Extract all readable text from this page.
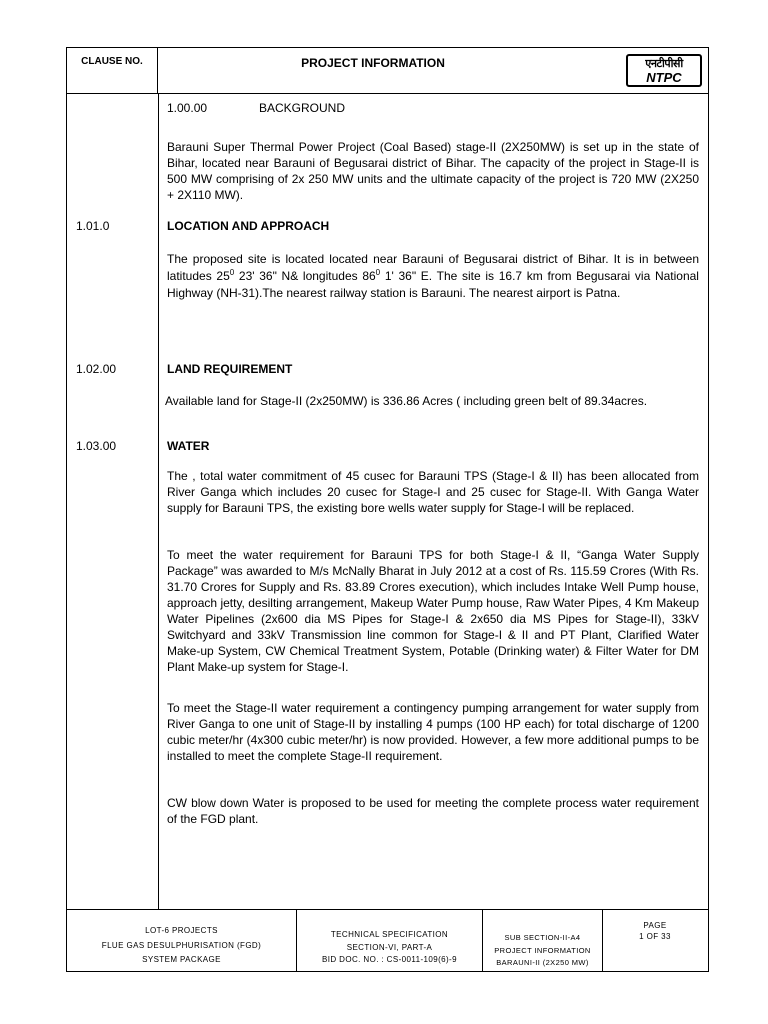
CLAUSE NO.	PROJECT INFORMATION	एनटीपीसी
NTPC
1.00.00	BACKGROUND
Barauni Super Thermal Power Project (Coal Based) stage-II (2X250MW) is set up in the state of Bihar, located near Barauni of Begusarai district of Bihar. The capacity of the project in Stage-II is 500 MW comprising of 2x 250 MW units and the ultimate capacity of the project is 720 MW (2X250 + 2X110 MW).
1.01.0	LOCATION AND APPROACH
The proposed site is located located near Barauni of Begusarai district of Bihar. It is in between latitudes $25^0$ 23' 36" N& longitudes $86^0$ 1' 36" E. The site is 16.7 km from Begusarai via National Highway (NH-31).The nearest railway station is Barauni. The nearest airport is Patna.
1.02.00	LAND REQUIREMENT
Available land for Stage-II (2x250MW) is 336.86 Acres ( including green belt of 89.34acres.
1.03.00	WATER
The , total water commitment of 45 cusec for Barauni TPS (Stage-I & II) has been allocated from River Ganga which includes 20 cusec for Stage-I and 25 cusec for Stage-II. With Ganga Water supply for Barauni TPS, the existing bore wells water supply for Stage-I will be replaced.
To meet the water requirement for Barauni TPS for both Stage-I & II, “Ganga Water Supply Package” was awarded to M/s McNally Bharat in July 2012 at a cost of Rs. 115.59 Crores (With Rs. 31.70 Crores for Supply and Rs. 83.89 Crores execution), which includes Intake Well Pump house, approach jetty, desilting arrangement, Makeup Water Pump house, Raw Water Pipes, 4 Km Makeup Water Pipelines (2x600 dia MS Pipes for Stage-I & 2x650 dia MS Pipes for Stage-II), 33kV Switchyard and 33kV Transmission line common for Stage-I & II and PT Plant, Clarified Water Make-up System, CW Chemical Treatment System, Potable (Drinking water) & Filter Water for DM Plant Make-up system for Stage-I.
To meet the Stage-II water requirement a contingency pumping arrangement for water supply from River Ganga to one unit of Stage-II by installing 4 pumps (100 HP each) for total discharge of 1200 cubic meter/hr (4x300 cubic meter/hr) is now provided. However, a few more additional pumps to be installed to meet the complete Stage-II requirement.
CW blow down Water is proposed to be used for meeting the complete process water requirement of the FGD plant.
LOT-6 PROJECTS
FLUE GAS DESULPHURISATION (FGD)
SYSTEM PACKAGE
TECHNICAL SPECIFICATION
SECTION-VI, PART-A
BID DOC. NO. : CS-0011-109(6)-9
SUB SECTION-II-A4
PROJECT INFORMATION
BARAUNI-II (2X250 MW)
PAGE
1 OF 33
